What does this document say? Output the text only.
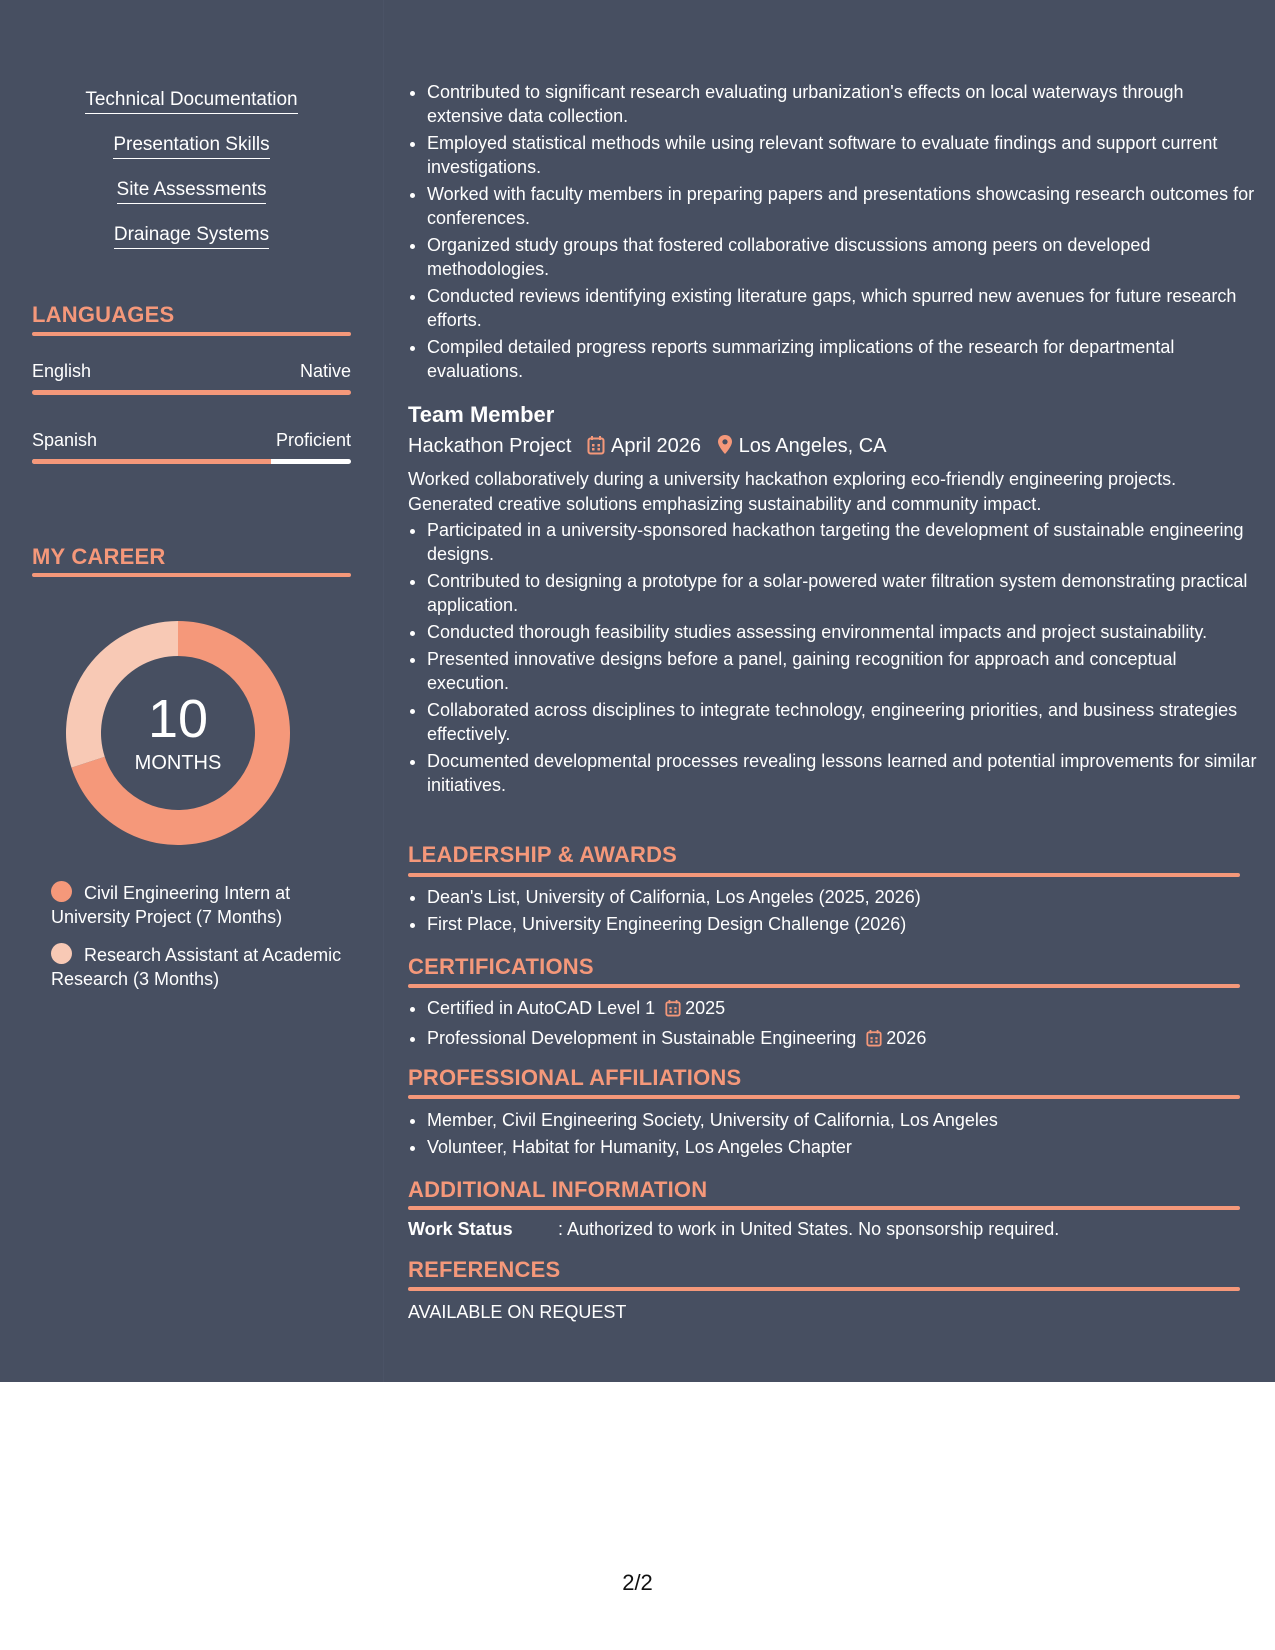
Technical Documentation
Presentation Skills
Site Assessments
Drainage Systems
LANGUAGES
English	Native
Spanish	Proficient
MY CAREER
10
MONTHS
Civil Engineering Intern at University Project (7 Months)
Research Assistant at Academic Research (3 Months)
• Contributed to significant research evaluating urbanization's effects on local waterways through extensive data collection.
• Employed statistical methods while using relevant software to evaluate findings and support current investigations.
• Worked with faculty members in preparing papers and presentations showcasing research outcomes for conferences.
• Organized study groups that fostered collaborative discussions among peers on developed methodologies.
• Conducted reviews identifying existing literature gaps, which spurred new avenues for future research efforts.
• Compiled detailed progress reports summarizing implications of the research for departmental evaluations.
Team Member
Hackathon Project April 2026 Los Angeles, CA
Worked collaboratively during a university hackathon exploring eco-friendly engineering projects. Generated creative solutions emphasizing sustainability and community impact.
• Participated in a university-sponsored hackathon targeting the development of sustainable engineering designs.
• Contributed to designing a prototype for a solar-powered water filtration system demonstrating practical application.
• Conducted thorough feasibility studies assessing environmental impacts and project sustainability.
• Presented innovative designs before a panel, gaining recognition for approach and conceptual execution.
• Collaborated across disciplines to integrate technology, engineering priorities, and business strategies effectively.
• Documented developmental processes revealing lessons learned and potential improvements for similar initiatives.
LEADERSHIP & AWARDS
• Dean's List, University of California, Los Angeles (2025, 2026)
• First Place, University Engineering Design Challenge (2026)
CERTIFICATIONS
• Certified in AutoCAD Level 1 2025
• Professional Development in Sustainable Engineering 2026
PROFESSIONAL AFFILIATIONS
• Member, Civil Engineering Society, University of California, Los Angeles
• Volunteer, Habitat for Humanity, Los Angeles Chapter
ADDITIONAL INFORMATION
Work Status	: Authorized to work in United States. No sponsorship required.
REFERENCES
AVAILABLE ON REQUEST
2/2
